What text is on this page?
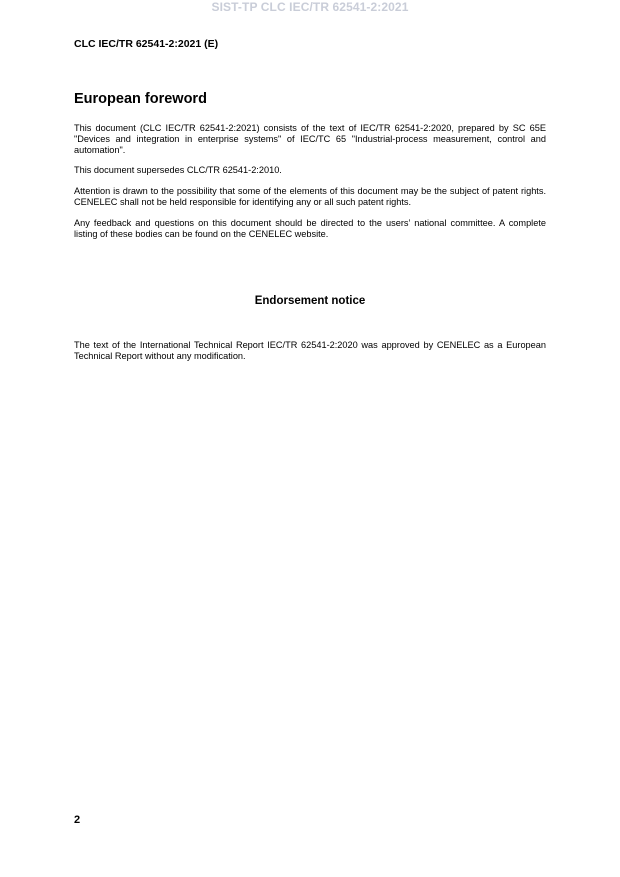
SIST-TP CLC IEC/TR 62541-2:2021
CLC IEC/TR 62541-2:2021 (E)
European foreword

This document (CLC IEC/TR 62541-2:2021) consists of the text of IEC/TR 62541-2:2020, prepared by SC 65E "Devices and integration in enterprise systems" of IEC/TC 65 "Industrial-process measurement, control and automation".

This document supersedes CLC/TR 62541-2:2010.

Attention is drawn to the possibility that some of the elements of this document may be the subject of patent rights. CENELEC shall not be held responsible for identifying any or all such patent rights.

Any feedback and questions on this document should be directed to the users’ national committee. A complete listing of these bodies can be found on the CENELEC website.

Endorsement notice

The text of the International Technical Report IEC/TR 62541-2:2020 was approved by CENELEC as a European Technical Report without any modification.

2
